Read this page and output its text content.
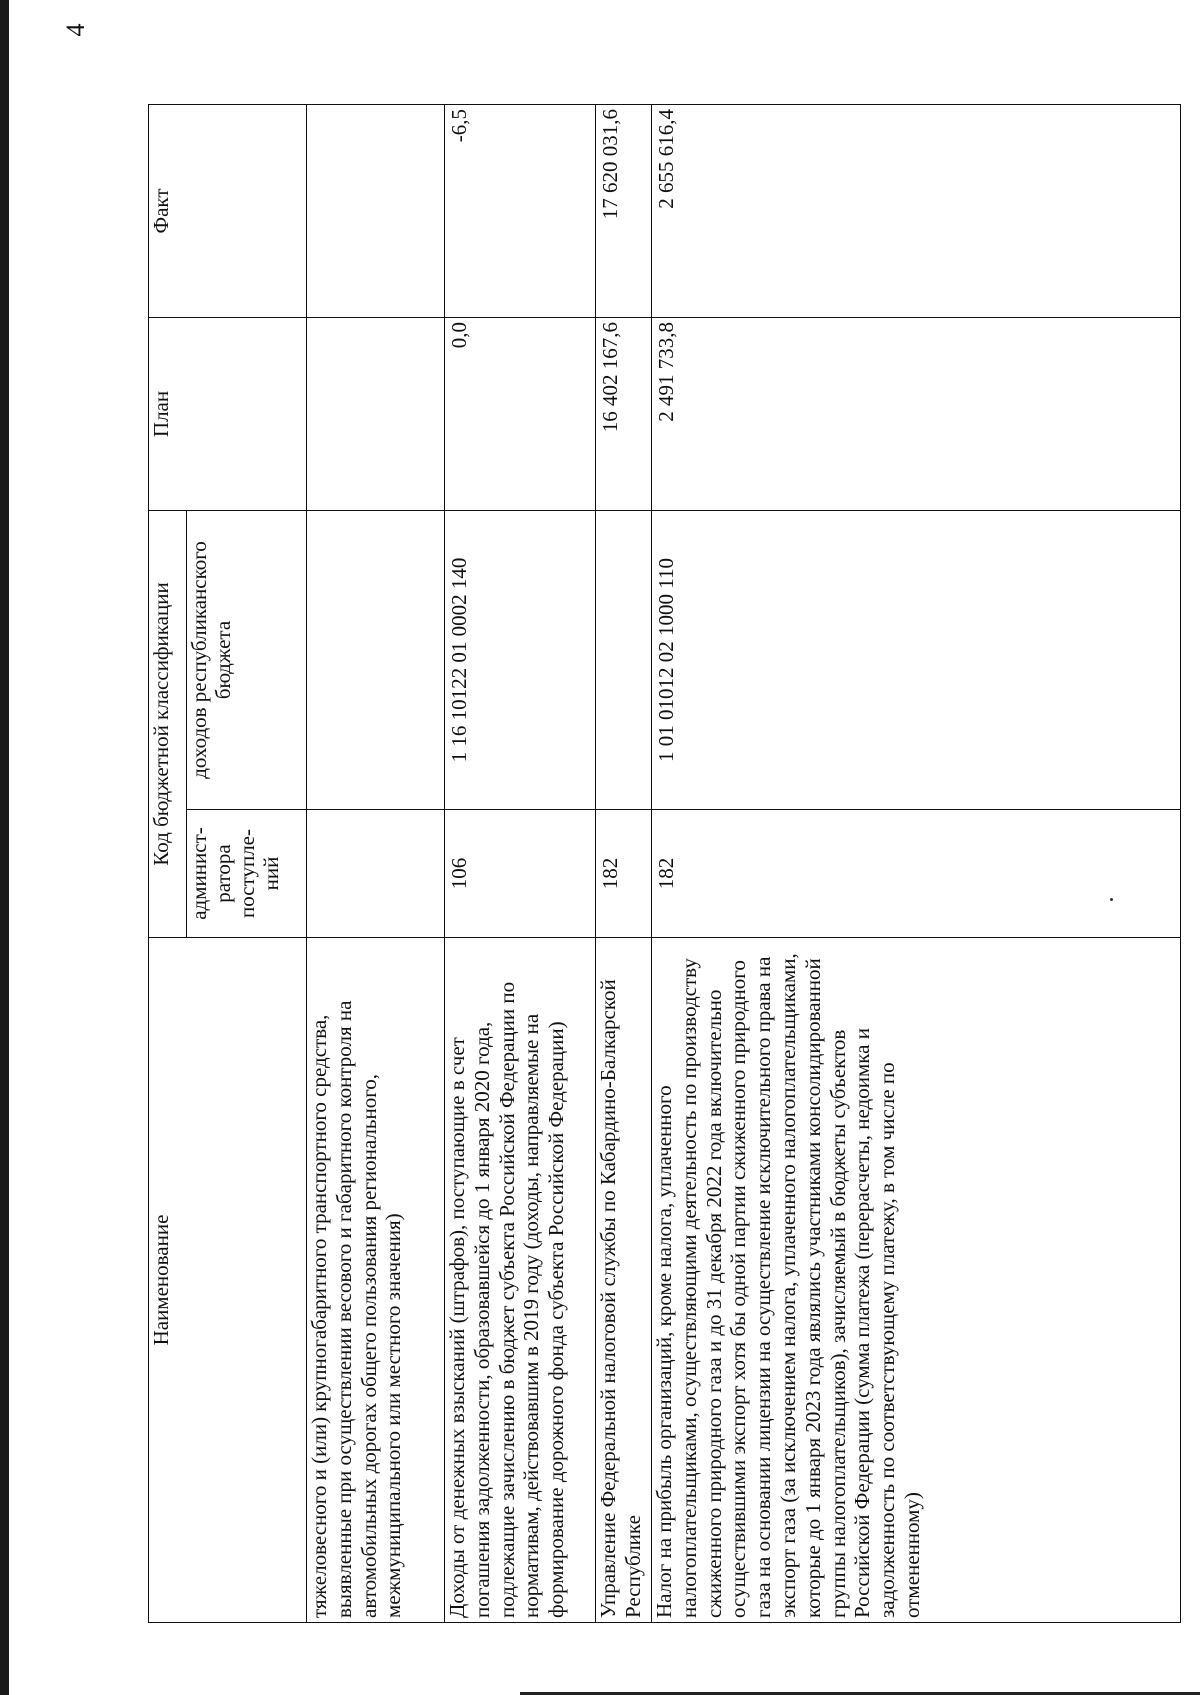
4
Наименование	Код бюджетной классификации		План	Факт
	админист-ратора поступле-ний	доходов республиканского бюджета		
тяжеловесного и (или) крупногабаритного транспортного средства, выявленные при осуществлении весового и габаритного контроля на автомобильных дорогах общего пользования регионального, межмуниципального или местного значения)				
Доходы от денежных взысканий (штрафов), поступающие в счет погашения задолженности, образовавшейся до 1 января 2020 года, подлежащие зачислению в бюджет субъекта Российской Федерации по нормативам, действовавшим в 2019 году (доходы, направляемые на формирование дорожного фонда субъекта Российской Федерации)	106	1 16 10122 01 0002 140	0,0	-6,5
Управление Федеральной налоговой службы по Кабардино-Балкарской Республике	182		16 402 167,6	17 620 031,6
Налог на прибыль организаций, кроме налога, уплаченного налогоплательщиками, осуществляющими деятельность по производству сжиженного природного газа и до 31 декабря 2022 года включительно осуществившими экспорт хотя бы одной партии сжиженного природного газа на основании лицензии на осуществление исключительного права на экспорт газа (за исключением налога, уплаченного налогоплательщиками, которые до 1 января 2023 года являлись участниками консолидированной группы налогоплательщиков), зачисляемый в бюджеты субъектов Российской Федерации (сумма платежа (перерасчеты, недоимка и задолженность по соответствующему платежу, в том числе по отмененному)	182	1 01 01012 02 1000 110	2 491 733,8	2 655 616,4
